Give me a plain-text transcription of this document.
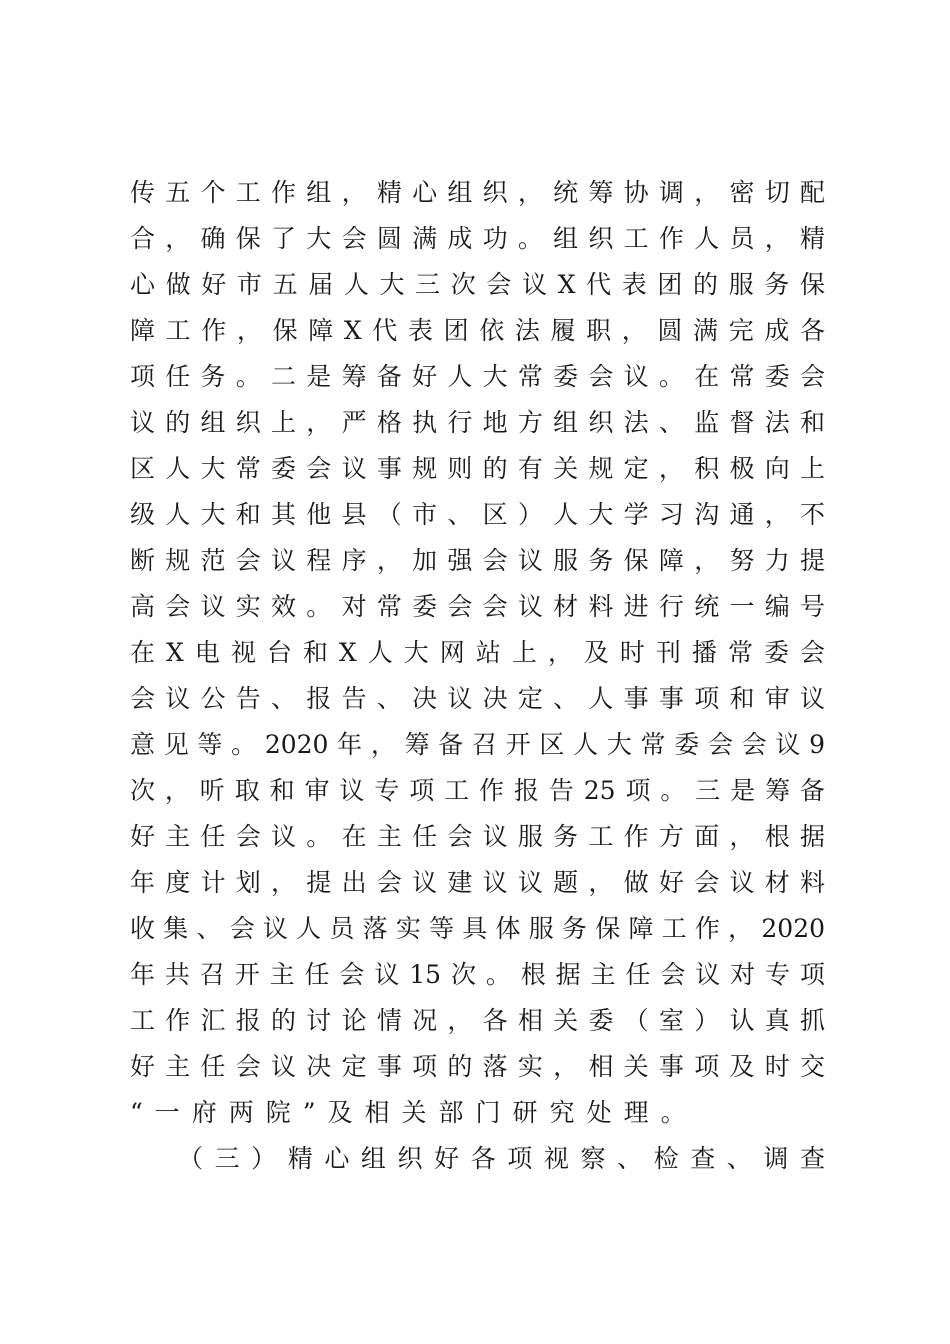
传五个工作组，精心组织，统筹协调，密切配
合，确保了大会圆满成功。组织工作人员，精
心做好市五届人大三次会议X代表团的服务保
障工作，保障X代表团依法履职，圆满完成各
项任务。二是筹备好人大常委会议。在常委会
议的组织上，严格执行地方组织法、监督法和
区人大常委会议事规则的有关规定，积极向上
级人大和其他县（市、区）人大学习沟通，不
断规范会议程序，加强会议服务保障，努力提
高会议实效。对常委会会议材料进行统一编号
在X电视台和X人大网站上，及时刊播常委会
会议公告、报告、决议决定、人事事项和审议
意见等。2020年，筹备召开区人大常委会会议9
次，听取和审议专项工作报告25项。三是筹备
好主任会议。在主任会议服务工作方面，根据
年度计划，提出会议建议议题，做好会议材料
收集、会议人员落实等具体服务保障工作，2020
年共召开主任会议15次。根据主任会议对专项
工作汇报的讨论情况，各相关委（室）认真抓
好主任会议决定事项的落实，相关事项及时交
“一府两院”及相关部门研究处理。
（三）精心组织好各项视察、检查、调查
